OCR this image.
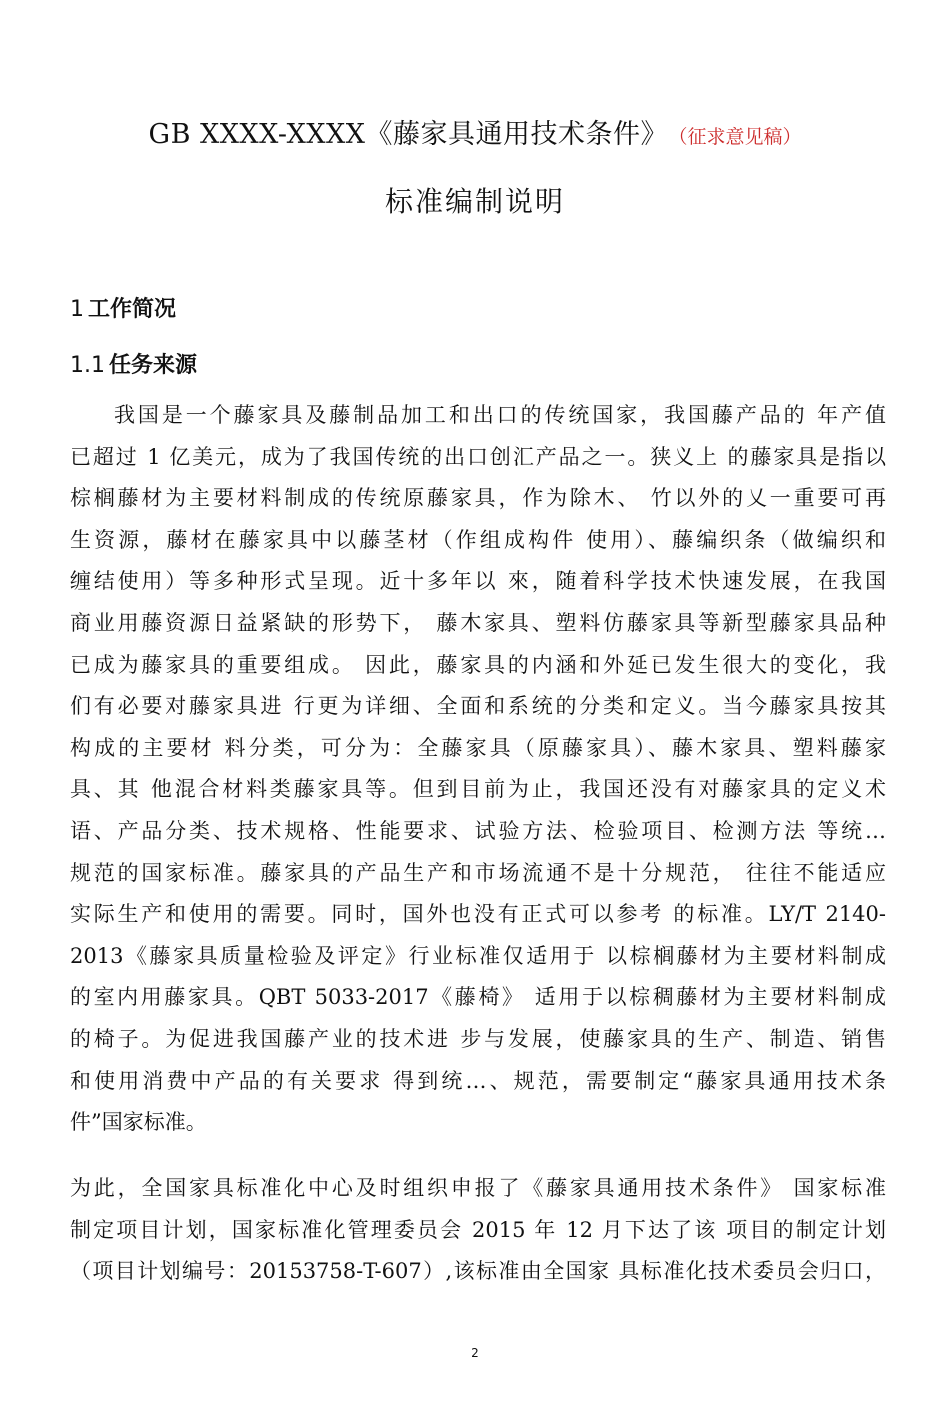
GB XXXX-XXXX《藤家具通用技术条件》 （征求意见稿）
标准编制说明
1 工作简况
1.1 任务来源
我国是一个藤家具及藤制品加工和出口的传统国家，我国藤产品的 年产值
已超过 1 亿美元，成为了我国传统的出口创汇产品之一。狭义上 的藤家具是指以
棕榈藤材为主要材料制成的传统原藤家具，作为除木、 竹以外的乂一重要可再
生资源，藤材在藤家具中以藤茎材（作组成构件 使用）、藤编织条（做编织和
缠结使用）等多种形式呈现。近十多年以 來，随着科学技术快速发展，在我国
商业用藤资源日益紧缺的形势下， 藤木家具、塑料仿藤家具等新型藤家具品种
已成为藤家具的重要组成。 因此，藤家具的内涵和外延已发生很大的变化，我
们有必要对藤家具进 行更为详细、全面和系统的分类和定义。当今藤家具按其
构成的主要材 料分类，可分为：全藤家具（原藤家具）、藤木家具、塑料藤家
具、其 他混合材料类藤家具等。但到目前为止，我国还没有对藤家具的定义术
语、产品分类、技术规格、性能要求、试验方法、检验项目、检测方法 等统…
规范的国家标准。藤家具的产品生产和市场流通不是十分规范， 往往不能适应
实际生产和使用的需要。同时，国外也没有正式可以参考 的标准。LY/T 2140-
2013《藤家具质量检验及评定》行业标准仅适用于 以棕榈藤材为主要材料制成
的室内用藤家具。QBT 5033-2017《藤椅》 适用于以棕稠藤材为主要材料制成
的椅子。为促进我国藤产业的技术进 步与发展，使藤家具的生产、制造、销售
和使用消费中产品的有关要求 得到统…、规范，需要制定“藤家具通用技术条
件”国家标准。
为此，全国家具标准化中心及时组织申报了《藤家具通用技术条件》 国家标准
制定项目计划，国家标准化管理委员会 2015 年 12 月下达了该 项目的制定计划
（项目计划编号：20153758-T-607）,该标准由全国家 具标准化技术委员会归口，
2
